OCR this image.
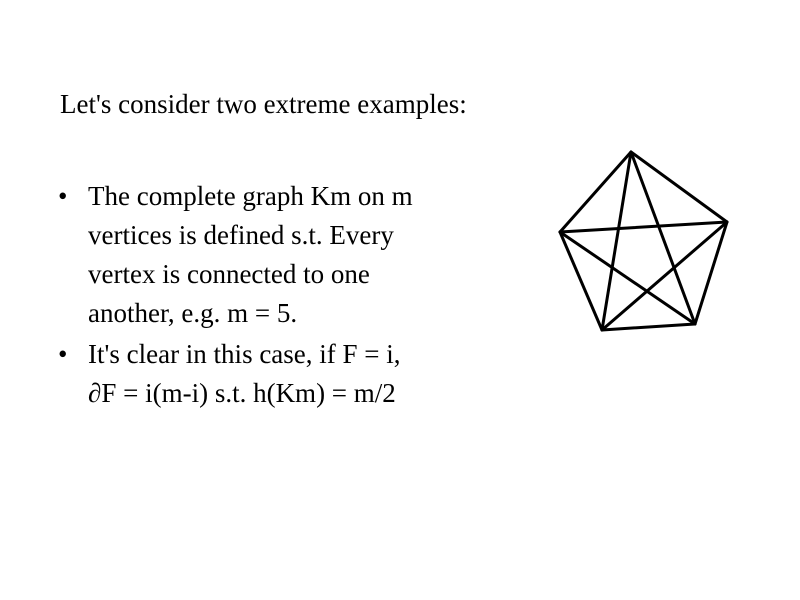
Let's consider two extreme examples:
• The complete graph Km on m
vertices is defined s.t. Every
vertex is connected to one
another, e.g. m = 5.
• It's clear in this case, if F = i,
∂F = i(m-i) s.t. h(Km) = m/2
